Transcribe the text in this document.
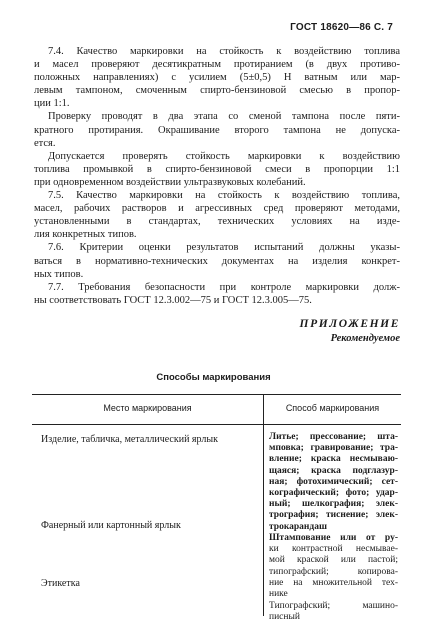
ГОСТ 18620—86 С. 7

7.4. Качество маркировки на стойкость к воздействию топлива
и масел проверяют десятикратным протиранием (в двух противо-
положных направлениях) с усилием (5±0,5) Н ватным или мар-
левым тампоном, смоченным спирто-бензиновой смесью в пропор-
ции 1:1.

Проверку проводят в два этапа со сменой тампона после пяти-
кратного протирания. Окрашивание второго тампона не допуска-
ется.

Допускается проверять стойкость маркировки к воздействию
топлива промывкой в спирто-бензиновой смеси в пропорции 1:1
при одновременном воздействии ультразвуковых колебаний.

7.5. Качество маркировки на стойкость к воздействию топлива,
масел, рабочих растворов и агрессивных сред проверяют методами,
установленными в стандартах, технических условиях на изде-
лия конкретных типов.

7.6. Критерии оценки результатов испытаний должны указы-
ваться в нормативно-технических документах на изделия конкрет-
ных типов.

7.7. Требования безопасности при контроле маркировки долж-
ны соответствовать ГОСТ 12.3.002—75 и ГОСТ 12.3.005—75.

ПРИЛОЖЕНИЕ
Рекомендуемое
Способы маркирования
Место маркирования	Способ маркирования
Изделие, табличка, металлический ярлык	Литье; прессование; шта-
мповка; гравирование; тра-
вление; краска несмываю-
щаяся; краска подглазур-
ная; фотохимический; сет-
кографический; фото; удар-
ный; шелкография; элек-
трография; тиснение; элек-
трокарандаш
Фанерный или картонный ярлык
Штампование или от ру-
ки контрастной несмывае-
мой краской или пастой;
типографский; копирова-
ние на множительной тех-
нике
Этикетка
Типографский; машино-
писный
